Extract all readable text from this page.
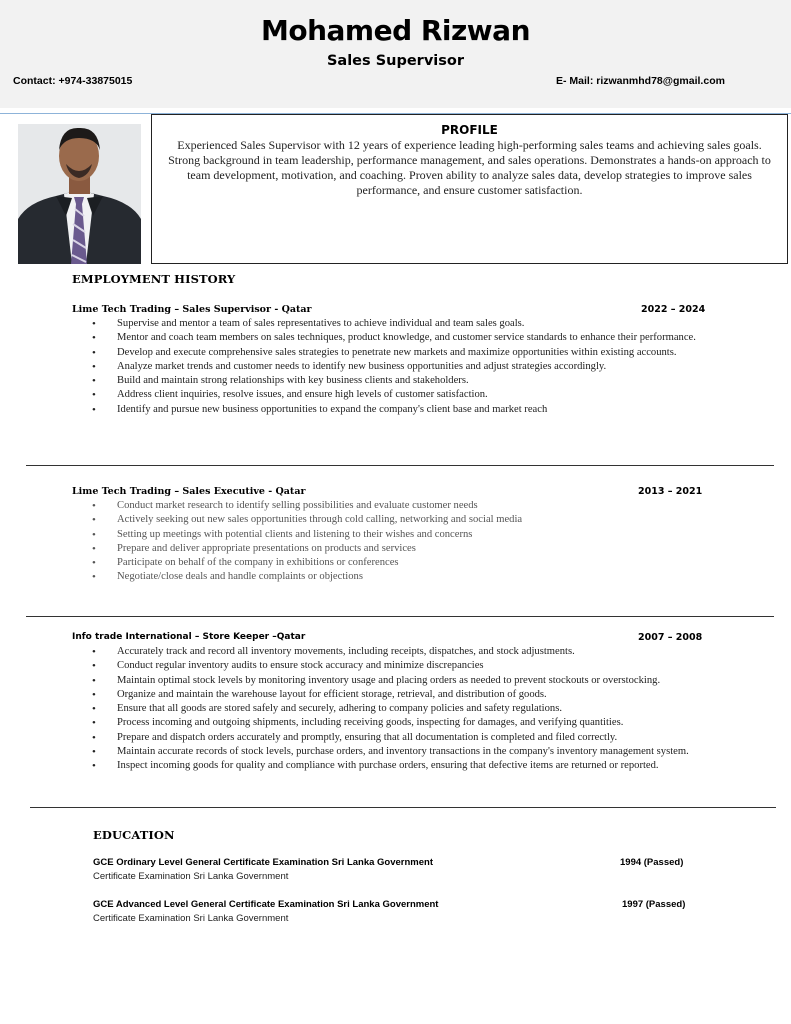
Mohamed Rizwan
Sales Supervisor
Contact: +974-33875015	E- Mail: rizwanmhd78@gmail.com
PROFILE
Experienced Sales Supervisor with 12 years of experience leading high-performing sales teams and achieving sales goals. Strong background in team leadership, performance management, and sales operations. Demonstrates a hands-on approach to team development, motivation, and coaching. Proven ability to analyze sales data, develop strategies to improve sales performance, and ensure customer satisfaction.
EMPLOYMENT HISTORY
Lime Tech Trading – Sales Supervisor - Qatar	2022 – 2024
• Supervise and mentor a team of sales representatives to achieve individual and team sales goals.
• Mentor and coach team members on sales techniques, product knowledge, and customer service standards to enhance their performance.
• Develop and execute comprehensive sales strategies to penetrate new markets and maximize opportunities within existing accounts.
• Analyze market trends and customer needs to identify new business opportunities and adjust strategies accordingly.
• Build and maintain strong relationships with key business clients and stakeholders.
• Address client inquiries, resolve issues, and ensure high levels of customer satisfaction.
• Identify and pursue new business opportunities to expand the company's client base and market reach
Lime Tech Trading – Sales Executive - Qatar	2013 – 2021
• Conduct market research to identify selling possibilities and evaluate customer needs
• Actively seeking out new sales opportunities through cold calling, networking and social media
• Setting up meetings with potential clients and listening to their wishes and concerns
• Prepare and deliver appropriate presentations on products and services
• Participate on behalf of the company in exhibitions or conferences
• Negotiate/close deals and handle complaints or objections
Info trade International – Store Keeper –Qatar	2007 – 2008
• Accurately track and record all inventory movements, including receipts, dispatches, and stock adjustments.
• Conduct regular inventory audits to ensure stock accuracy and minimize discrepancies
• Maintain optimal stock levels by monitoring inventory usage and placing orders as needed to prevent stockouts or overstocking.
• Organize and maintain the warehouse layout for efficient storage, retrieval, and distribution of goods.
• Ensure that all goods are stored safely and securely, adhering to company policies and safety regulations.
• Process incoming and outgoing shipments, including receiving goods, inspecting for damages, and verifying quantities.
• Prepare and dispatch orders accurately and promptly, ensuring that all documentation is completed and filed correctly.
• Maintain accurate records of stock levels, purchase orders, and inventory transactions in the company's inventory management system.
• Inspect incoming goods for quality and compliance with purchase orders, ensuring that defective items are returned or reported.
EDUCATION
GCE Ordinary Level General Certificate Examination Sri Lanka Government	1994 (Passed)
Certificate Examination Sri Lanka Government
GCE Advanced Level General Certificate Examination Sri Lanka Government	1997 (Passed)
Certificate Examination Sri Lanka Government
